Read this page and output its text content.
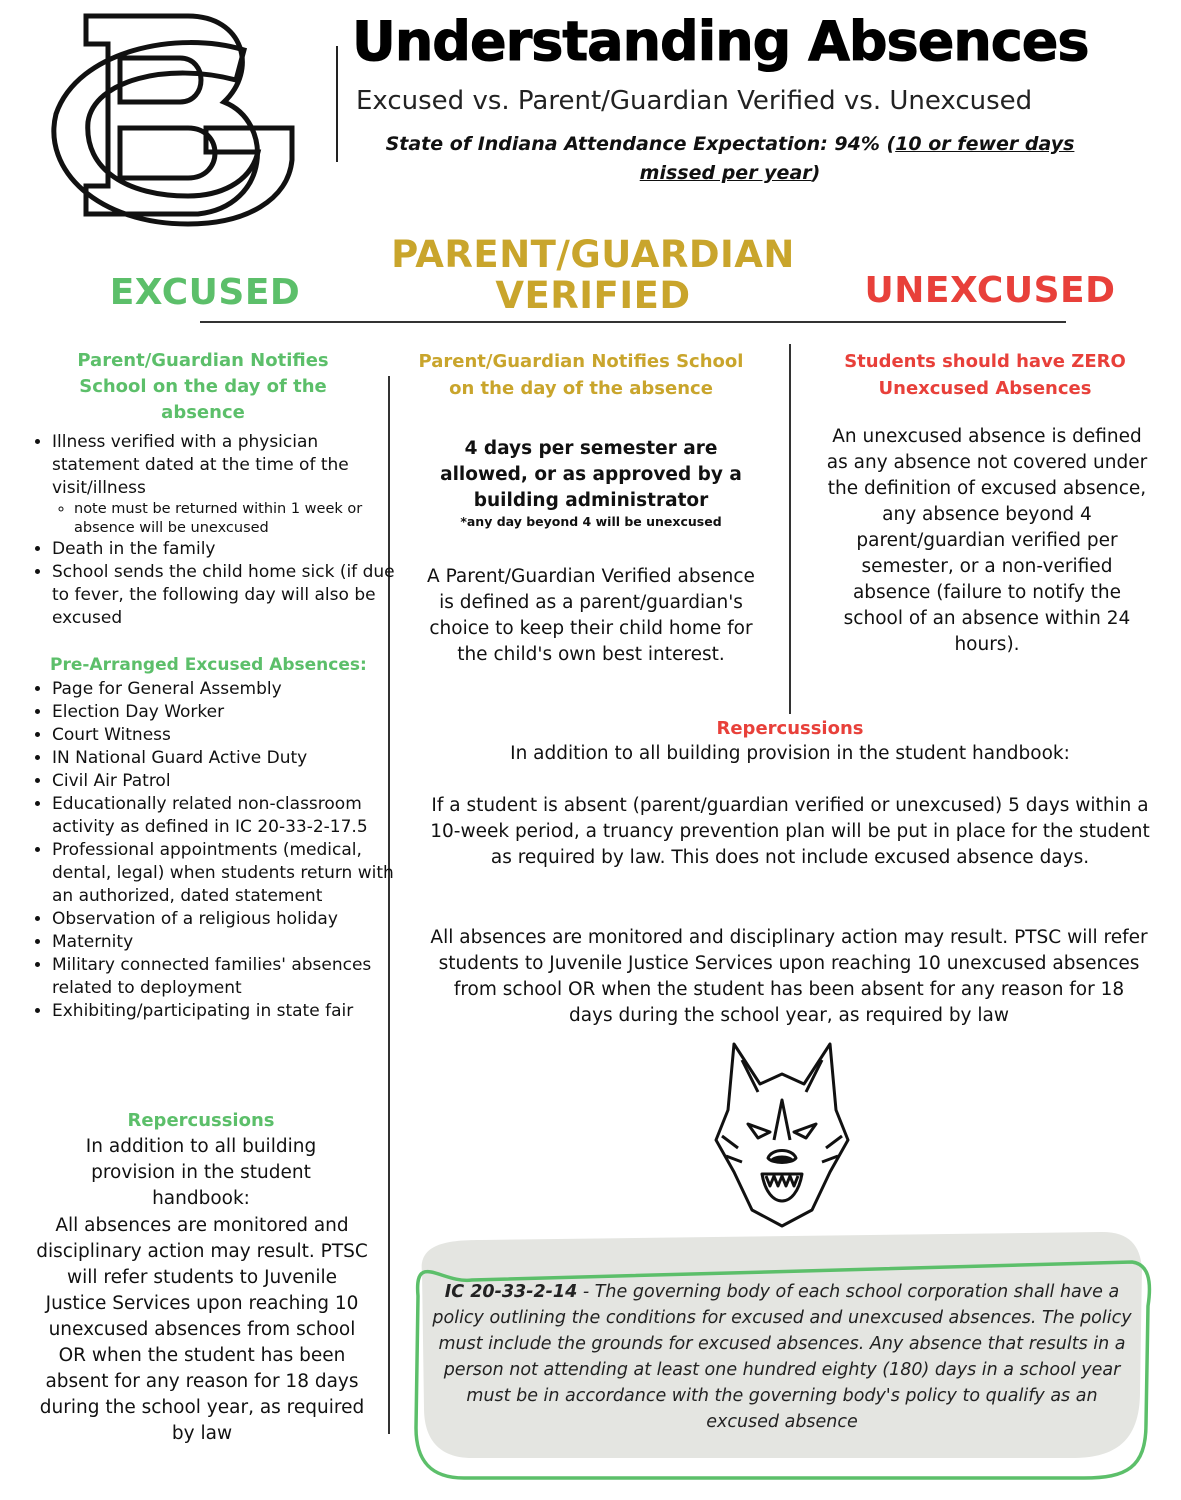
Understanding Absences
Excused vs. Parent/Guardian Verified vs. Unexcused
State of Indiana Attendance Expectation: 94% (10 or fewer days missed per year)
EXCUSED
PARENT/GUARDIAN
VERIFIED	UNEXCUSED
Parent/Guardian Notifies School on the day of the absence
• Illness verified with a physician statement dated at the time of the visit/illness
◦ note must be returned within 1 week or absence will be unexcused
• Death in the family
• School sends the child home sick (if due to fever, the following day will also be excused
Pre-Arranged Excused Absences:
• Page for General Assembly
• Election Day Worker
• Court Witness
• IN National Guard Active Duty
• Civil Air Patrol
• Educationally related non-classroom activity as defined in IC 20-33-2-17.5
• Professional appointments (medical, dental, legal) when students return with an authorized, dated statement
• Observation of a religious holiday
• Maternity
• Military connected families' absences related to deployment
• Exhibiting/participating in state fair
Repercussions
In addition to all building provision in the student handbook:
All absences are monitored and disciplinary action may result. PTSC will refer students to Juvenile Justice Services upon reaching 10 unexcused absences from school OR when the student has been absent for any reason for 18 days during the school year, as required by law
Parent/Guardian Notifies School on the day of the absence
4 days per semester are allowed, or as approved by a building administrator
*any day beyond 4 will be unexcused
A Parent/Guardian Verified absence is defined as a parent/guardian's choice to keep their child home for the child's own best interest.
Students should have ZERO Unexcused Absences
An unexcused absence is defined as any absence not covered under the definition of excused absence, any absence beyond 4 parent/guardian verified per semester, or a non-verified absence (failure to notify the school of an absence within 24 hours).
Repercussions
In addition to all building provision in the student handbook:
If a student is absent (parent/guardian verified or unexcused) 5 days within a 10-week period, a truancy prevention plan will be put in place for the student as required by law. This does not include excused absence days.
All absences are monitored and disciplinary action may result. PTSC will refer students to Juvenile Justice Services upon reaching 10 unexcused absences from school OR when the student has been absent for any reason for 18 days during the school year, as required by law
IC 20-33-2-14 - The governing body of each school corporation shall have a policy outlining the conditions for excused and unexcused absences. The policy must include the grounds for excused absences. Any absence that results in a person not attending at least one hundred eighty (180) days in a school year must be in accordance with the governing body's policy to qualify as an excused absence
